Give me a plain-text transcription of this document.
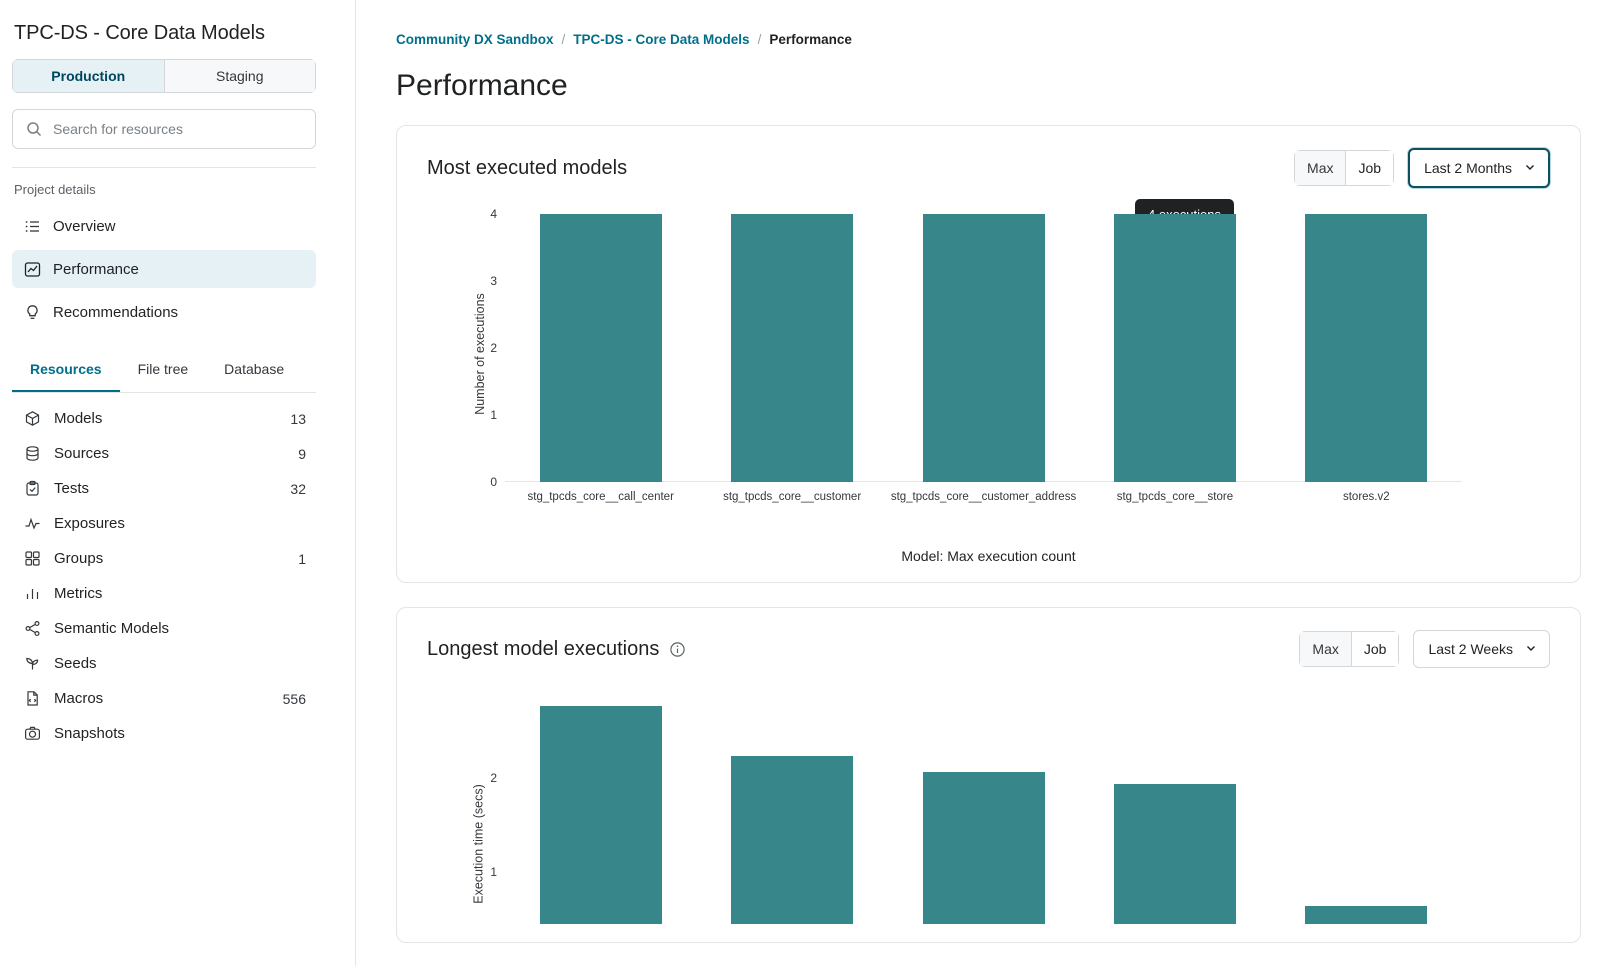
TPC-DS - Core Data Models
Production	Staging
Search for resources
Project details
Overview
Performance
Recommendations
Resources	File tree	Database
Models	13
Sources	9
Tests	32
Exposures
Groups	1
Metrics
Semantic Models
Seeds
Macros	556
Snapshots
Community DX Sandbox / TPC-DS - Core Data Models / Performance
Performance
Most executed models	Max	Job	Last 2 Months
Number of executions
4
3
2
1
0
stg_tpcds_core__call_center	stg_tpcds_core__customer	stg_tpcds_core__customer_address	stg_tpcds_core__store	stores.v2
Model: Max execution count
Longest model executions	Max	Job	Last 2 Weeks
Execution time (secs)
2
1
